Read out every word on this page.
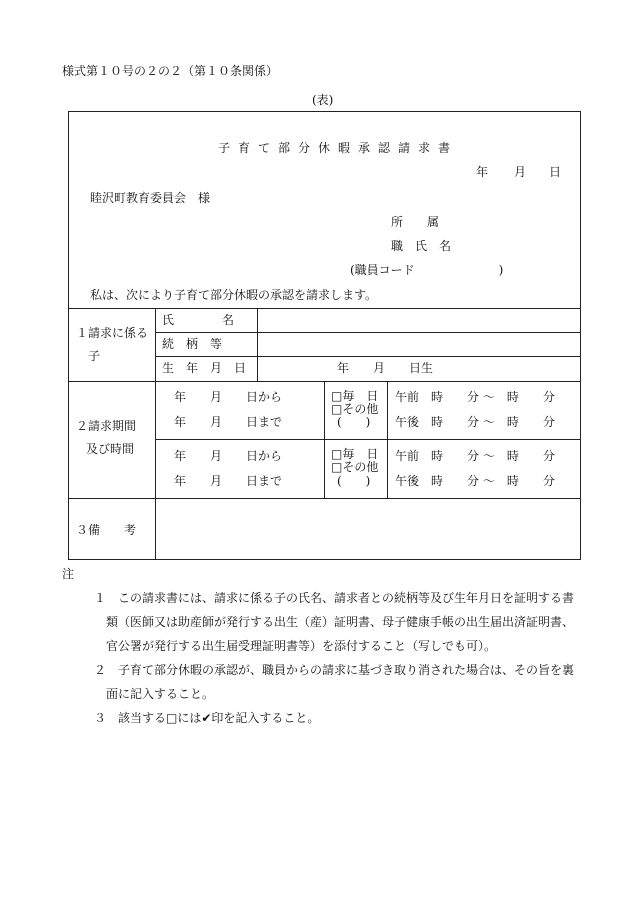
様式第１０号の２の２（第１０条関係）
(表)
子育て部分休暇承認請求書
年 月 日
睦沢町教育委員会　様
所　　属
職　氏　名
(職員コード　　　　　　　)
私は、次により子育て部分休暇の承認を請求します。
１請求に係る
子
氏　　　　名
続　柄　等
生　年　月　日	年　　月　　日生
２請求期間
及び時間
年　　月　　日から
年　　月　　日まで
□毎　日
□その他
(　　)
午前　時　　分 ～　時　　分
午後　時　　分 ～　時　　分
年　　月　　日から
年　　月　　日まで
□毎　日
□その他
(　　)
午前　時　　分 ～　時　　分
午後　時　　分 ～　時　　分
３備　　考
注
１ この請求書には、請求に係る子の氏名、請求者との続柄等及び生年月日を証明する書類（医師又は助産師が発行する出生（産）証明書、母子健康手帳の出生届出済証明書、官公署が発行する出生届受理証明書等）を添付すること（写しでも可）。
２ 子育て部分休暇の承認が、職員からの請求に基づき取り消された場合は、その旨を裏面に記入すること。
３ 該当する□には✔印を記入すること。
